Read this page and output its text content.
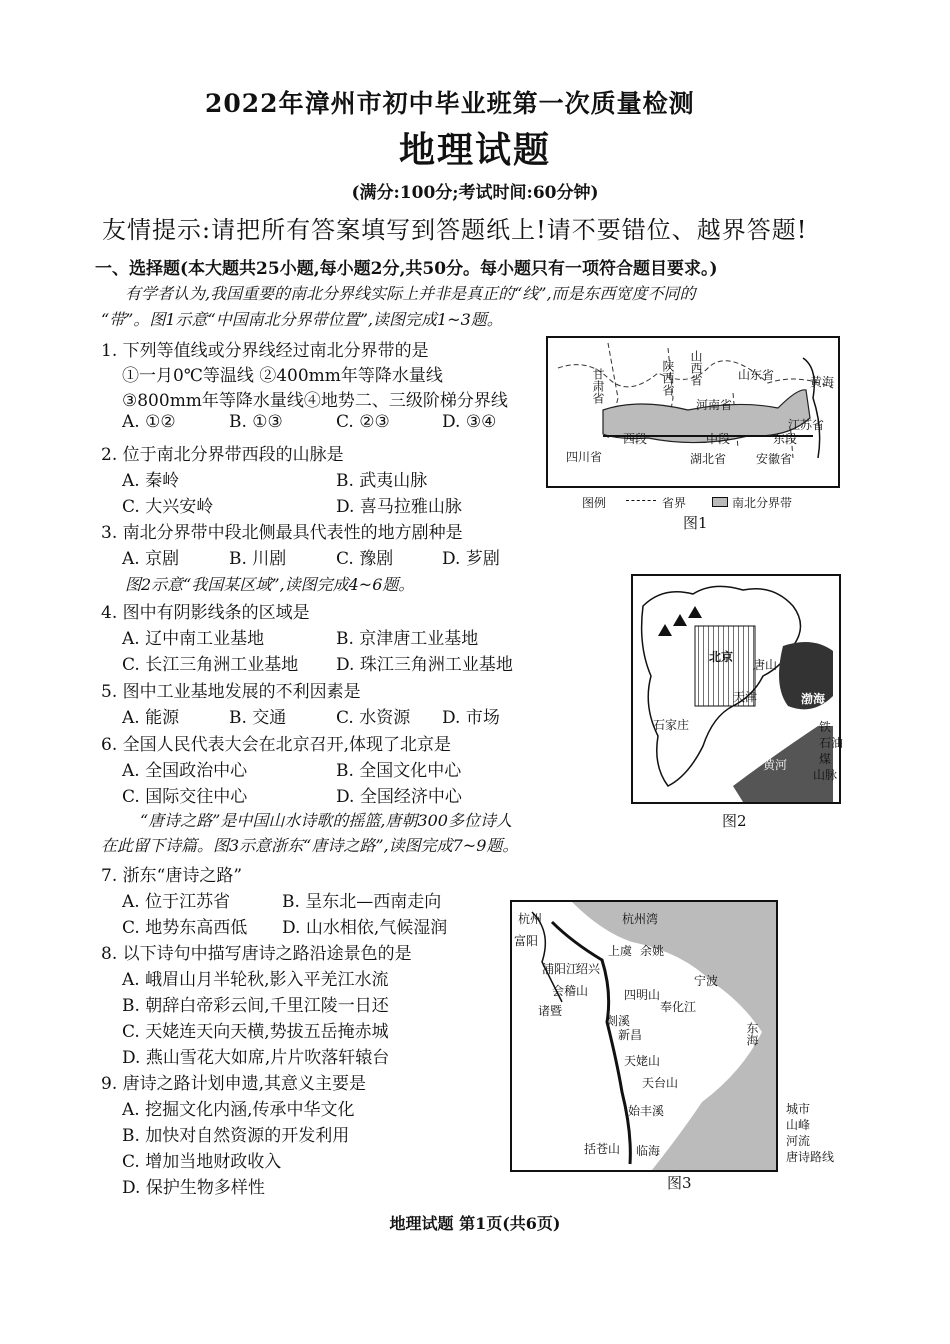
2022年漳州市初中毕业班第一次质量检测
地理试题
(满分:100分;考试时间:60分钟)
友情提示:请把所有答案填写到答题纸上!请不要错位、越界答题!
一、选择题(本大题共25小题,每小题2分,共50分。每小题只有一项符合题目要求。)
有学者认为,我国重要的南北分界线实际上并非是真正的“线”,而是东西宽度不同的
“带”。图1示意“中国南北分界带位置”,读图完成1~3题。
1. 下列等值线或分界线经过南北分界带的是
①一月0℃等温线 ②400mm年等降水量线
③800mm年等降水量线④地势二、三级阶梯分界线
A. ①②	B. ①③	C. ②③	D. ③④
2. 位于南北分界带西段的山脉是
A. 秦岭	B. 武夷山脉
C. 大兴安岭	D. 喜马拉雅山脉
3. 南北分界带中段北侧最具代表性的地方剧种是
A. 京剧	B. 川剧	C. 豫剧	D. 芗剧
图2示意“我国某区域”,读图完成4~6题。
4. 图中有阴影线条的区域是
A. 辽中南工业基地	B. 京津唐工业基地
C. 长江三角洲工业基地 D. 珠江三角洲工业基地
5. 图中工业基地发展的不利因素是
A. 能源	B. 交通	C. 水资源 D. 市场
6. 全国人民代表大会在北京召开,体现了北京是
A. 全国政治中心	B. 全国文化中心
C. 国际交往中心	D. 全国经济中心
“唐诗之路”是中国山水诗歌的摇篮,唐朝300多位诗人
在此留下诗篇。图3示意浙东“唐诗之路”,读图完成7~9题。
7. 浙东“唐诗之路”
A. 位于江苏省	B. 呈东北—西南走向
C. 地势东高西低 D. 山水相依,气候湿润
8. 以下诗句中描写唐诗之路沿途景色的是
A. 峨眉山月半轮秋,影入平羌江水流
B. 朝辞白帝彩云间,千里江陵一日还
C. 天姥连天向天横,势拔五岳掩赤城
D. 燕山雪花大如席,片片吹落轩辕台
9. 唐诗之路计划申遗,其意义主要是
A. 挖掘文化内涵,传承中华文化
B. 加快对自然资源的开发利用
C. 增加当地财政收入
D. 保护生物多样性
甘肃省	陕西省 山西省	山东省	黄海
河南省
西段	中段	东段
江苏省
四川省	湖北省 安徽省
图例	省界	南北分界带
图1
北京
唐山
天津	渤海
石家庄
黄河
铁
石油
煤
山脉
图2
杭州	杭州湾
富阳
浦阳江
绍兴
上虞 余姚
会稽山
诸暨
四明山
剡溪
新昌
奉化江
宁波
东海
天姥山
天台山
始丰溪
括苍山 临海
城市
山峰
河流
唐诗路线
图3
地理试题 第1页(共6页)
